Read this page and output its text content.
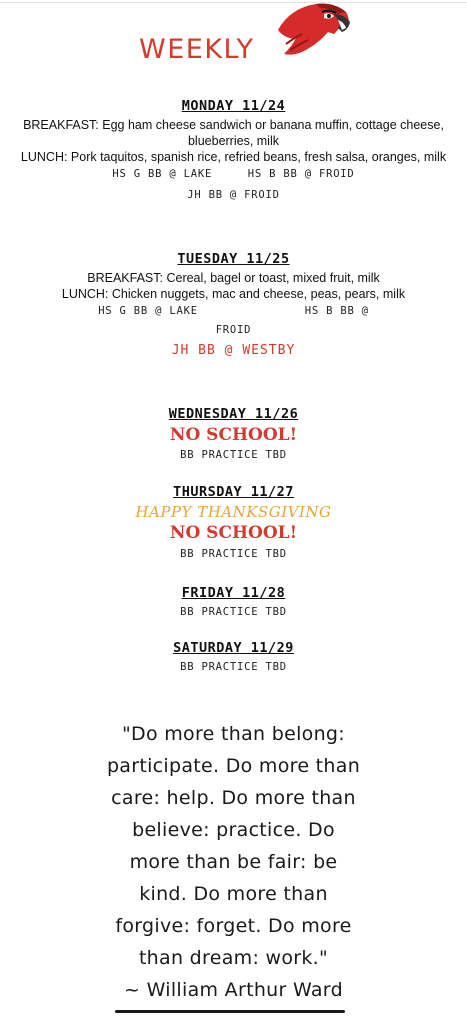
WEEKLY
MONDAY 11/24
BREAKFAST: Egg ham cheese sandwich or banana muffin, cottage cheese, blueberries, milk
LUNCH: Pork taquitos, spanish rice, refried beans, fresh salsa, oranges, milk
HS G BB @ LAKE     HS B BB @ FROID
JH BB @ FROID
TUESDAY 11/25
BREAKFAST: Cereal, bagel or toast, mixed fruit, milk
LUNCH: Chicken nuggets, mac and cheese, peas, pears, milk
HS G BB @ LAKE               HS B BB @
FROID
JH BB @ WESTBY
WEDNESDAY 11/26
NO SCHOOL!
BB PRACTICE TBD
THURSDAY 11/27
HAPPY THANKSGIVING
NO SCHOOL!
BB PRACTICE TBD
FRIDAY 11/28
BB PRACTICE TBD
SATURDAY 11/29
BB PRACTICE TBD
"Do more than belong:
participate. Do more than
care: help. Do more than
believe: practice. Do
more than be fair: be
kind. Do more than
forgive: forget. Do more
than dream: work."
~ William Arthur Ward
